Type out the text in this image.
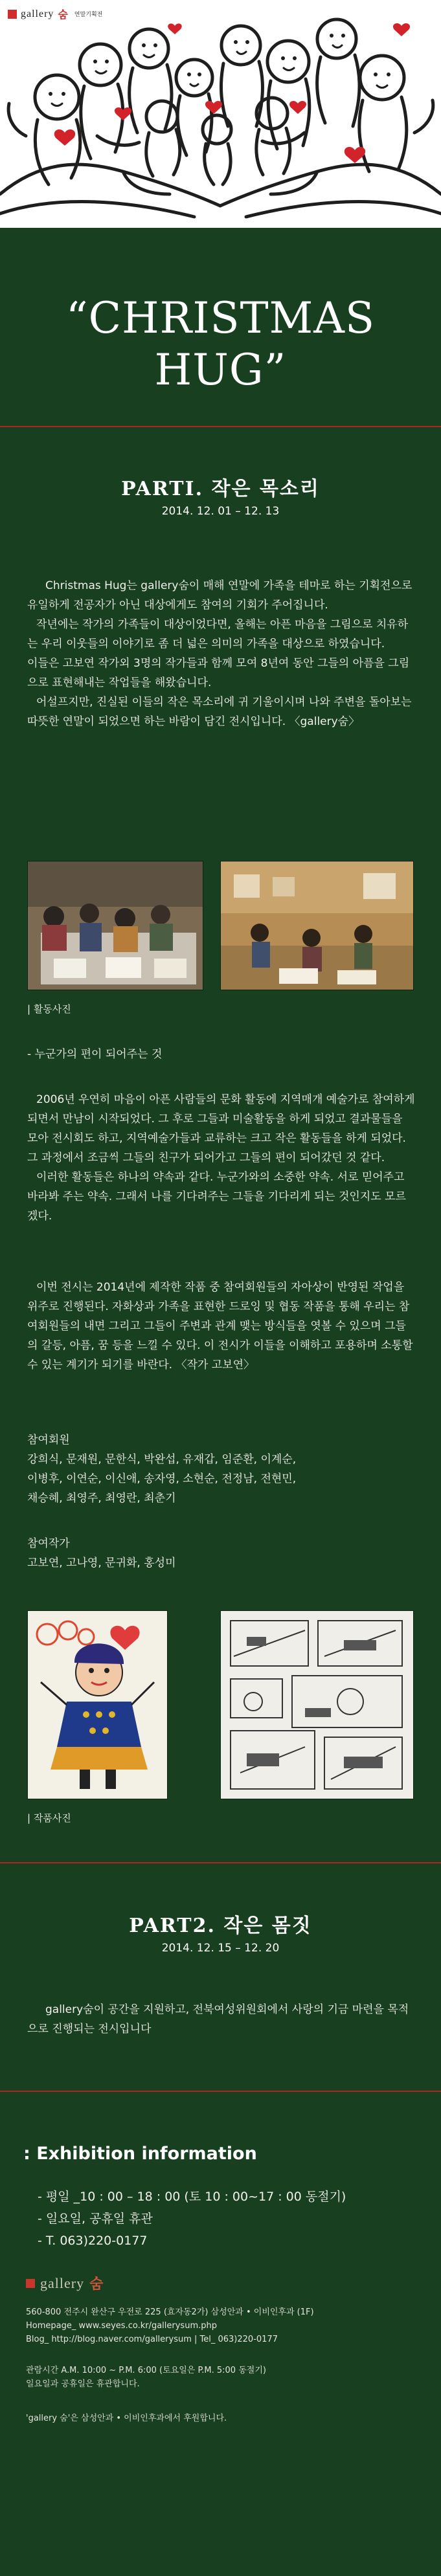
gallery 숨 연말기획전
“CHRISTMAS HUG”
PARTI. 작은 목소리
2014. 12. 01 – 12. 13

Christmas Hug는 gallery숨이 매해 연말에 가족을 테마로 하는 기획전으로 유일하게 전공자가 아닌 대상에게도 참여의 기회가 주어집니다.

작년에는 작가의 가족들이 대상이었다면, 올해는 아픈 마음을 그림으로 치유하는 우리 이웃들의 이야기로 좀 더 넓은 의미의 가족을 대상으로 하였습니다.

이들은 고보연 작가외 3명의 작가들과 함께 모여 8년여 동안 그들의 아픔을 그림으로 표현해내는 작업들을 해왔습니다.

어설프지만, 진실된 이들의 작은 목소리에 귀 기울이시며 나와 주변을 돌아보는 따뜻한 연말이 되었으면 하는 바람이 담긴 전시입니다. 〈gallery숨〉

| 활동사진
- 누군가의 편이 되어주는 것

2006년 우연히 마음이 아픈 사람들의 문화 활동에 지역매개 예술가로 참여하게 되면서 만남이 시작되었다. 그 후로 그들과 미술활동을 하게 되었고 결과물들을 모아 전시회도 하고, 지역예술가들과 교류하는 크고 작은 활동들을 하게 되었다. 그 과정에서 조금씩 그들의 친구가 되어가고 그들의 편이 되어갔던 것 같다.

이러한 활동들은 하나의 약속과 같다. 누군가와의 소중한 약속. 서로 믿어주고 바라봐 주는 약속. 그래서 나를 기다려주는 그들을 기다리게 되는 것인지도 모르겠다.

이번 전시는 2014년에 제작한 작품 중 참여회원들의 자아상이 반영된 작업을 위주로 진행된다. 자화상과 가족을 표현한 드로잉 및 협동 작품을 통해 우리는 참여회원들의 내면 그리고 그들이 주변과 관계 맺는 방식들을 엿볼 수 있으며 그들의 갈등, 아픔, 꿈 등을 느낄 수 있다. 이 전시가 이들을 이해하고 포용하며 소통할 수 있는 계기가 되기를 바란다. 〈작가 고보연〉

참여회원

강희식, 문재원, 문한식, 박완섭, 유재갑, 임준환, 이계순,

이병후, 이연순, 이신애, 송자영, 소현순, 전정남, 전현민,

채승혜, 최영주, 최영란, 최춘기

참여작가

고보연, 고나영, 문귀화, 홍성미

| 작품사진
PART2. 작은 몸짓
2014. 12. 15 – 12. 20

gallery숨이 공간을 지원하고, 전북여성위원회에서 사랑의 기금 마련을 목적으로 진행되는 전시입니다

: Exhibition information
- 평일 _10 : 00 – 18 : 00 (토 10 : 00~17 : 00 동절기)
- 일요일, 공휴일 휴관
- T. 063)220-0177
gallery 숨
560-800 전주시 완산구 우전로 225 (효자동2가) 삼성안과 • 이비인후과 (1F)
Homepage_ www.seyes.co.kr/gallerysum.php
Blog_ http://blog.naver.com/gallerysum | Tel_ 063)220-0177
관람시간 A.M. 10:00 ~ P.M. 6:00 (토요일은 P.M. 5:00 동절기)
일요일과 공휴일은 휴관합니다.
'gallery 숨'은 삼성안과 • 이비인후과에서 후원합니다.
